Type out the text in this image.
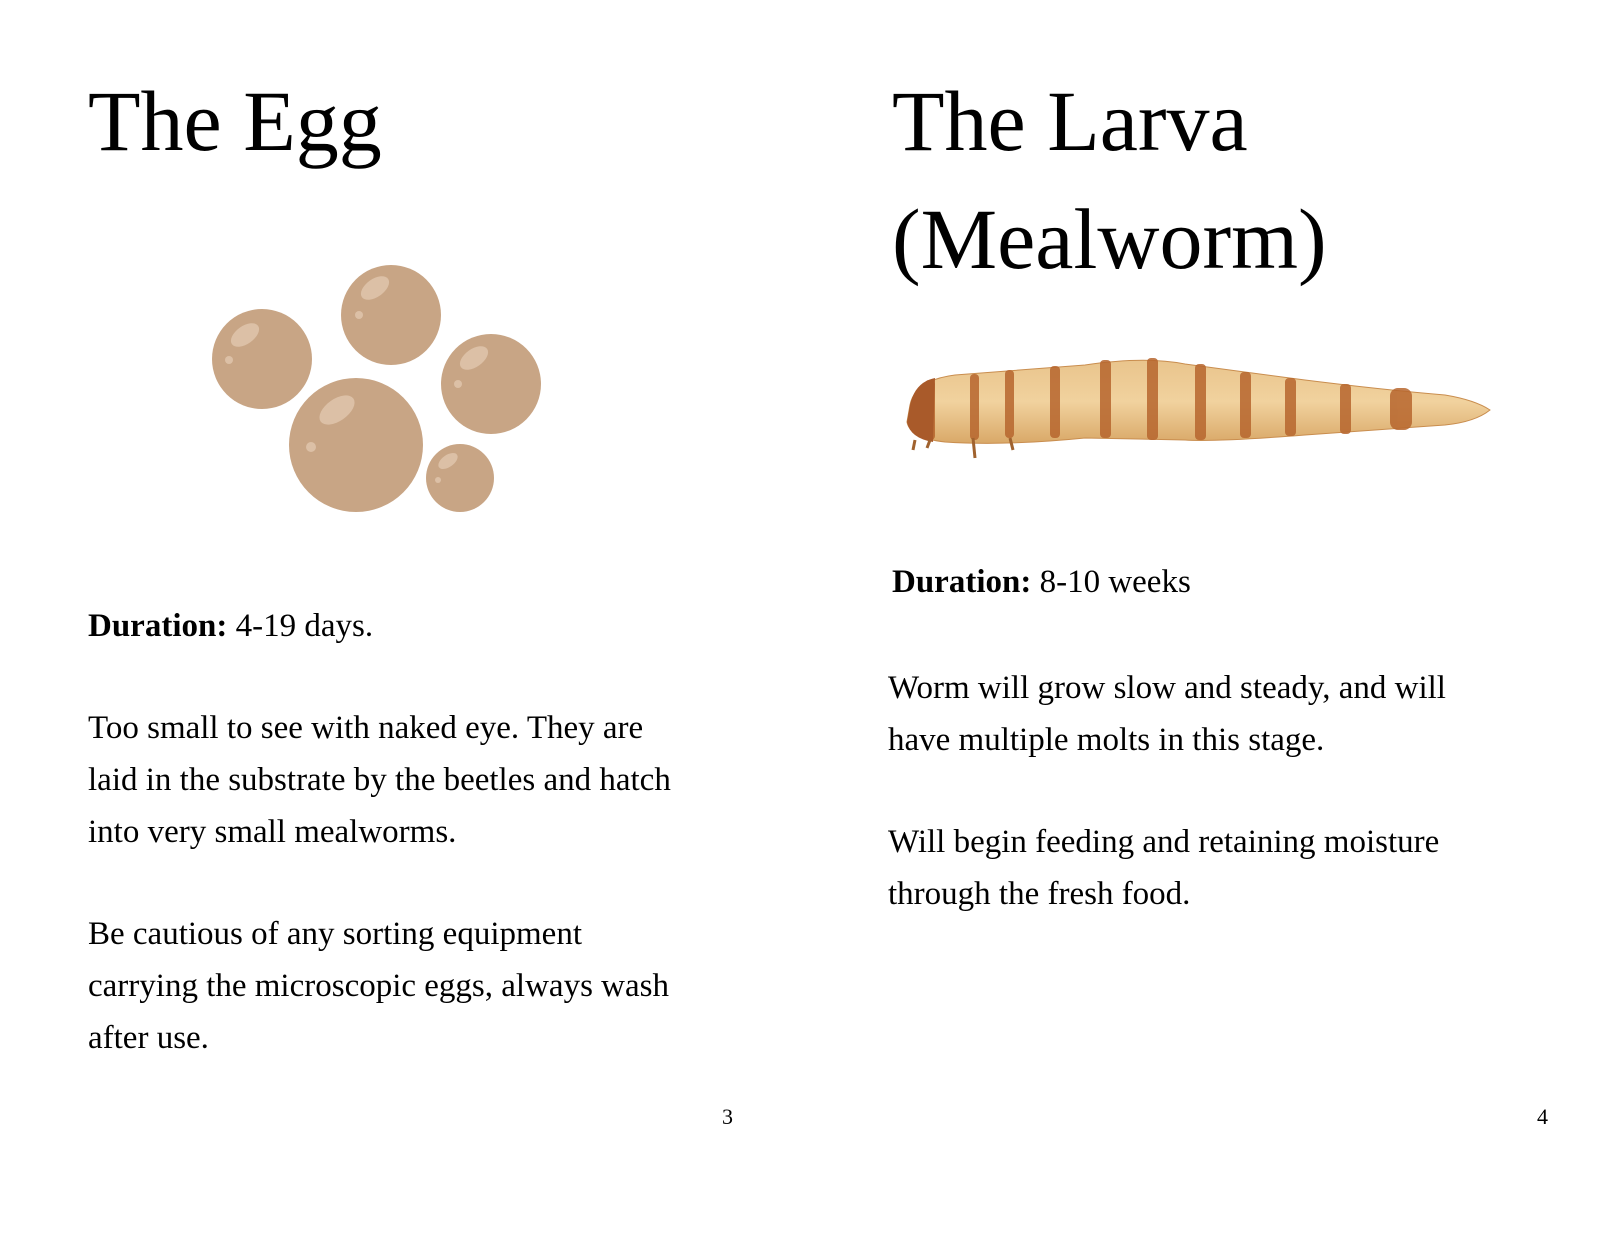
The Egg

Duration: 4-19 days.

Too small to see with naked eye. They are laid in the substrate by the beetles and hatch into very small mealworms.

Be cautious of any sorting equipment carrying the microscopic eggs, always wash after use.

3
The Larva
(Mealworm)

Duration: 8-10 weeks

Worm will grow slow and steady, and will have multiple molts in this stage.

Will begin feeding and retaining moisture through the fresh food.

4
